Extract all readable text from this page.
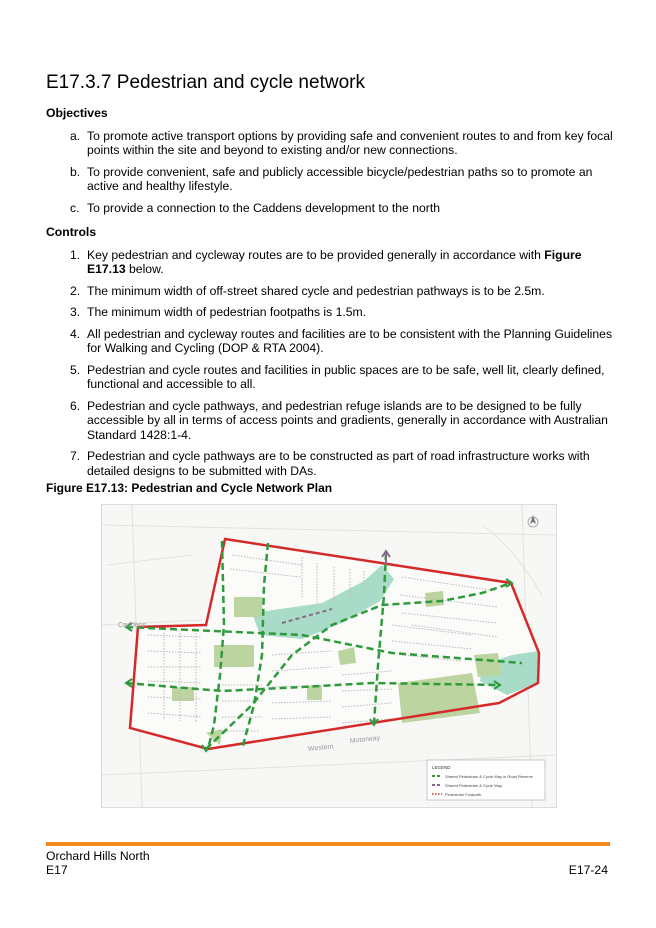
E17.3.7 Pedestrian and cycle network
Objectives
a. To promote active transport options by providing safe and convenient routes to and from key focal points within the site and beyond to existing and/or new connections.
b. To provide convenient, safe and publicly accessible bicycle/pedestrian paths so to promote an active and healthy lifestyle.
c. To provide a connection to the Caddens development to the north
Controls
1. Key pedestrian and cycleway routes are to be provided generally in accordance with Figure E17.13 below.
2. The minimum width of off-street shared cycle and pedestrian pathways is to be 2.5m.
3. The minimum width of pedestrian footpaths is 1.5m.
4. All pedestrian and cycleway routes and facilities are to be consistent with the Planning Guidelines for Walking and Cycling (DOP & RTA 2004).
5. Pedestrian and cycle routes and facilities in public spaces are to be safe, well lit, clearly defined, functional and accessible to all.
6. Pedestrian and cycle pathways, and pedestrian refuge islands are to be designed to be fully accessible by all in terms of access points and gradients, generally in accordance with Australian Standard 1428:1-4.
7. Pedestrian and cycle pathways are to be constructed as part of road infrastructure works with detailed designs to be submitted with DAs.
Figure E17.13: Pedestrian and Cycle Network Plan
Caddens
Western
Motorway
LEGEND
Shared Pedestrian & Cycle Way in Road Reserve
Shared Pedestrian & Cycle Way
Pedestrian Footpath
Orchard Hills North
E17	E17-24
